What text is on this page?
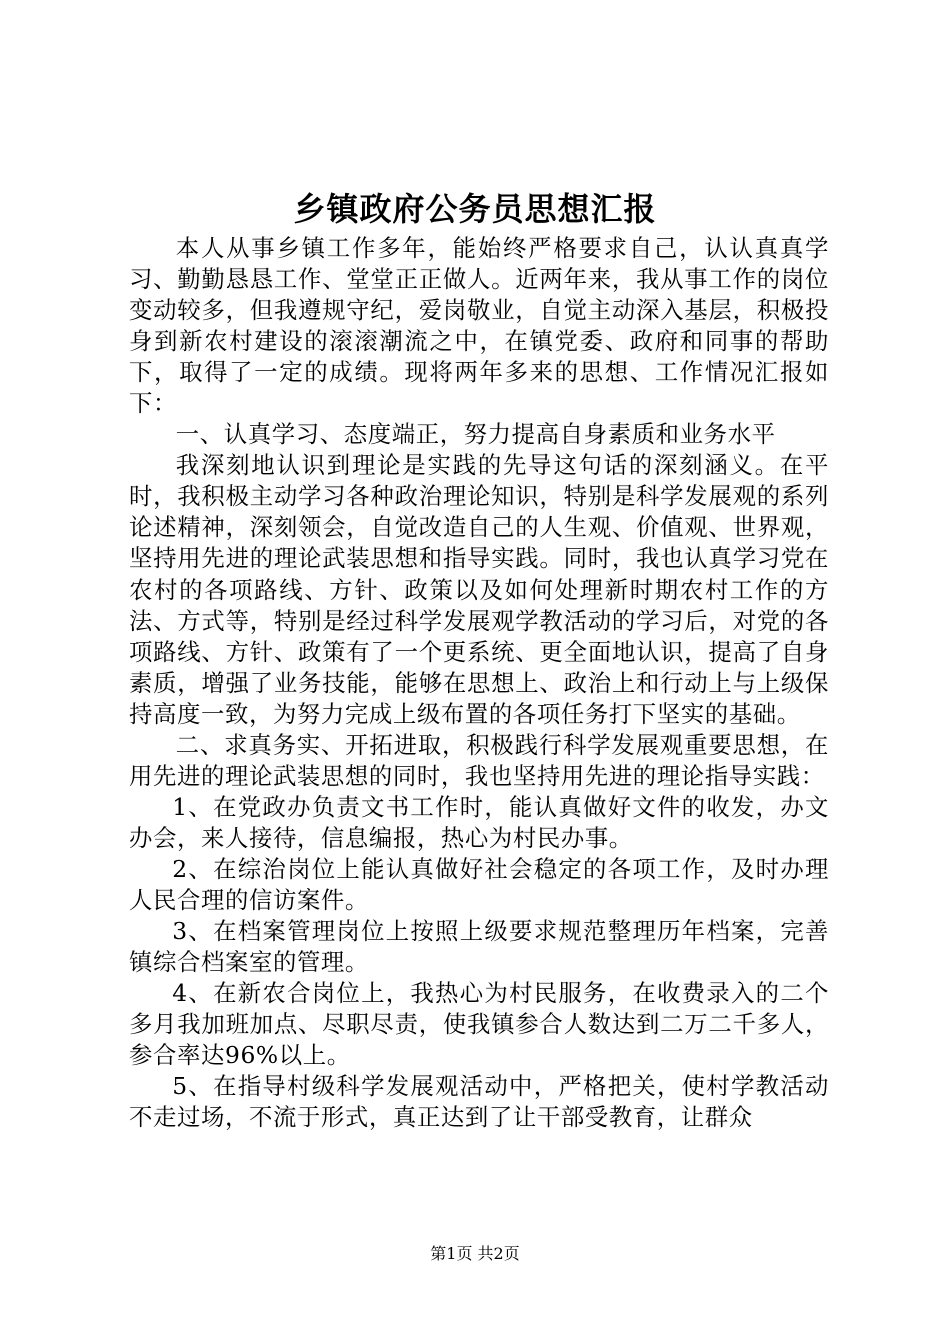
乡镇政府公务员思想汇报

本人从事乡镇工作多年，能始终严格要求自己，认认真真学习、勤勤恳恳工作、堂堂正正做人。近两年来，我从事工作的岗位变动较多，但我遵规守纪，爱岗敬业，自觉主动深入基层，积极投身到新农村建设的滚滚潮流之中，在镇党委、政府和同事的帮助下，取得了一定的成绩。现将两年多来的思想、工作情况汇报如下：

一、认真学习、态度端正，努力提高自身素质和业务水平

我深刻地认识到理论是实践的先导这句话的深刻涵义。在平时，我积极主动学习各种政治理论知识，特别是科学发展观的系列论述精神，深刻领会，自觉改造自己的人生观、价值观、世界观，坚持用先进的理论武装思想和指导实践。同时，我也认真学习党在农村的各项路线、方针、政策以及如何处理新时期农村工作的方法、方式等，特别是经过科学发展观学教活动的学习后，对党的各项路线、方针、政策有了一个更系统、更全面地认识，提高了自身素质，增强了业务技能，能够在思想上、政治上和行动上与上级保持高度一致，为努力完成上级布置的各项任务打下坚实的基础。

二、求真务实、开拓进取，积极践行科学发展观重要思想，在用先进的理论武装思想的同时，我也坚持用先进的理论指导实践：

1、在党政办负责文书工作时，能认真做好文件的收发，办文办会，来人接待，信息编报，热心为村民办事。

2、在综治岗位上能认真做好社会稳定的各项工作，及时办理人民合理的信访案件。

3、在档案管理岗位上按照上级要求规范整理历年档案，完善镇综合档案室的管理。

4、在新农合岗位上，我热心为村民服务，在收费录入的二个多月我加班加点、尽职尽责，使我镇参合人数达到二万二千多人，参合率达96%以上。

5、在指导村级科学发展观活动中，严格把关，使村学教活动不走过场，不流于形式，真正达到了让干部受教育，让群众

第1页 共2页
